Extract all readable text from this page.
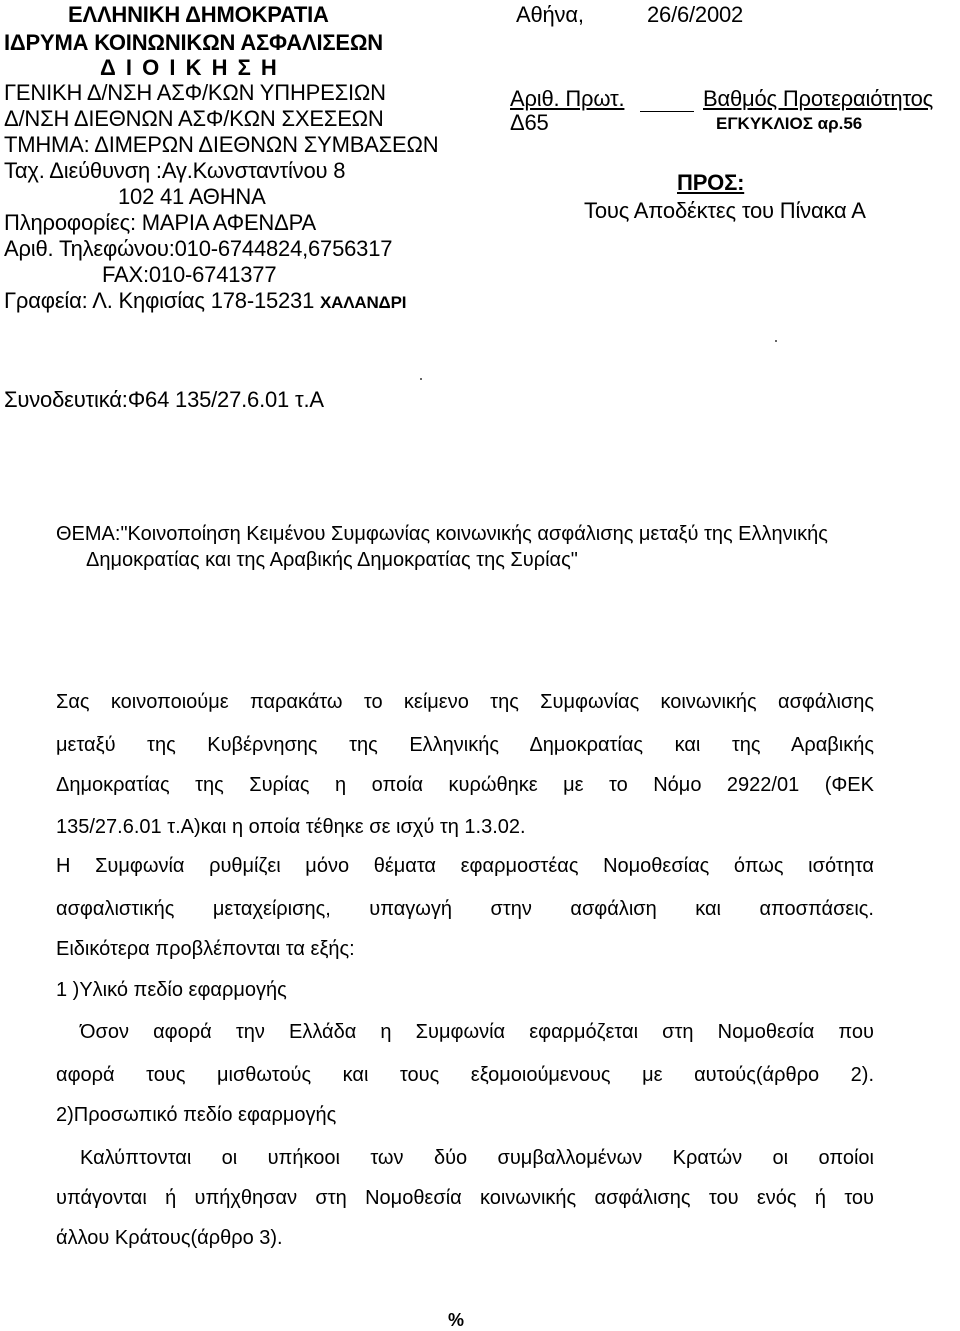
ΕΛΛΗΝΙΚΗ ΔΗΜΟΚΡΑΤΙΑ
ΙΔΡΥΜΑ ΚΟΙΝΩΝΙΚΩΝ ΑΣΦΑΛΙΣΕΩΝ
Δ Ι Ο Ι Κ Η Σ Η
ΓΕΝΙΚΗ Δ/ΝΣΗ ΑΣΦ/ΚΩΝ ΥΠΗΡΕΣΙΩΝ
Δ/ΝΣΗ ΔΙΕΘΝΩΝ ΑΣΦ/ΚΩΝ ΣΧΕΣΕΩΝ
ΤΜΗΜΑ: ΔΙΜΕΡΩΝ ΔΙΕΘΝΩΝ ΣΥΜΒΑΣΕΩΝ
Ταχ. Διεύθυνση :Αγ.Κωνσταντίνου 8
102 41 ΑΘΗΝΑ
Πληροφορίες: ΜΑΡΙΑ ΑΦΕΝΔΡΑ
Αριθ. Τηλεφώνου:010-6744824,6756317
FAX:010-6741377
Γραφεία: Λ. Κηφισίας 178-15231 ΧΑΛΑΝΔΡΙ
Αθήνα,	26/6/2002
Αριθ. Πρωτ.	Βαθμός Προτεραιότητος
Δ65	ΕΓΚΥΚΛΙΟΣ αρ.56
ΠΡΟΣ:
Τους Αποδέκτες του Πίνακα Α
Συνοδευτικά:Φ64 135/27.6.01 τ.Α
ΘΕΜΑ:"Κοινοποίηση Κειμένου Συμφωνίας κοινωνικής ασφάλισης μεταξύ της Ελληνικής
Δημοκρατίας και της Αραβικής Δημοκρατίας της Συρίας"
Σας κοινοποιούμε παρακάτω το κείμενο της Συμφωνίας κοινωνικής ασφάλισης
μεταξύ της Κυβέρνησης της Ελληνικής Δημοκρατίας και της Αραβικής
Δημοκρατίας της Συρίας η οποία κυρώθηκε με το Νόμο 2922/01 (ΦΕΚ
135/27.6.01 τ.Α)και η οποία τέθηκε σε ισχύ τη 1.3.02.
Η Συμφωνία ρυθμίζει μόνο θέματα εφαρμοστέας Νομοθεσίας όπως ισότητα
ασφαλιστικής μεταχείρισης, υπαγωγή στην ασφάλιση και αποσπάσεις.
Ειδικότερα προβλέπονται τα εξής:
1 )Υλικό πεδίο εφαρμογής
Όσον αφορά την Ελλάδα η Συμφωνία εφαρμόζεται στη Νομοθεσία που
αφορά τους μισθωτούς και τους εξομοιούμενους με αυτούς(άρθρο 2).
2)Προσωπικό πεδίο εφαρμογής
Καλύπτονται οι υπήκοοι των δύο συμβαλλομένων Κρατών οι οποίοι
υπάγονται ή υπήχθησαν στη Νομοθεσία κοινωνικής ασφάλισης του ενός ή του
άλλου Κράτους(άρθρο 3).
%
